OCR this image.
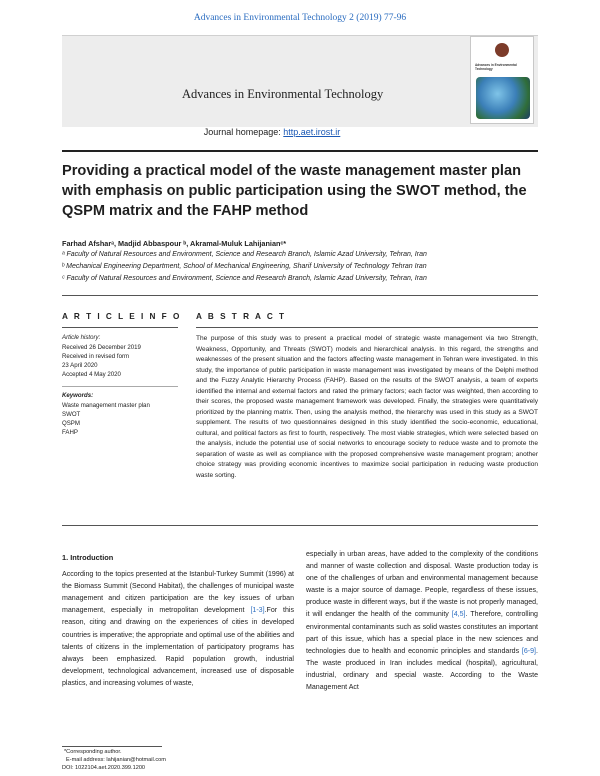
Advances in Environmental Technology 2 (2019) 77-96
Advances in Environmental Technology
Journal homepage: http.aet.irost.ir
Advances in Environmental Technology
Providing a practical model of the waste management master plan with emphasis on public participation using the SWOT method, the QSPM matrix and the FAHP method
Farhad Afsharᵃ, Madjid Abbaspour ᵇ, Akramal-Muluk Lahijanianᶜ*
ᵃ Faculty of Natural Resources and Environment, Science and Research Branch, Islamic Azad University, Tehran, Iran
ᵇ Mechanical Engineering Department, School of Mechanical Engineering, Sharif University of Technology Tehran Iran
ᶜ Faculty of Natural Resources and Environment, Science and Research Branch, Islamic Azad University, Tehran, Iran
A R T I C L E I N F O A B S T R A C T
Article history:
Received 26 December 2019
Received in revised form
23 April 2020
Accepted 4 May 2020
Keywords:
Waste management master plan
SWOT
QSPM
FAHP
The purpose of this study was to present a practical model of strategic waste management via two Strength, Weakness, Opportunity, and Threats (SWOT) models and hierarchical analysis. In this regard, the strengths and weaknesses of the present situation and the factors affecting waste management in Tehran were investigated. In this study, the importance of public participation in waste management was investigated by means of the Delphi method and the Fuzzy Analytic Hierarchy Process (FAHP). Based on the results of the SWOT analysis, a team of experts identified the internal and external factors and rated the primary factors; each factor was weighted, then according to their scores, the proposed waste management framework was developed. Finally, the strategies were quantitatively prioritized by the planning matrix. Then, using the analysis method, the hierarchy was used in this study as a SWOT supplement. The results of two questionnaires designed in this study identified the socio-economic, educational, cultural, and political factors as first to fourth, respectively. The most viable strategies, which were selected based on the analysis, include the potential use of social networks to encourage society to reduce waste and to promote the separation of waste as well as compliance with the proposed comprehensive waste management program; another choice strategy was providing economic incentives to maximize social participation in reducing waste production waste sorting.
1. Introduction
According to the topics presented at the Istanbul-Turkey Summit (1996) at the Biomass Summit (Second Habitat), the challenges of municipal waste management and citizen participation are the key issues of urban management, especially in metropolitan development [1-3].For this reason, citing and drawing on the experiences of cities in developed countries is imperative; the appropriate and optimal use of the abilities and talents of citizens in the implementation of participatory programs has always been emphasized. Rapid population growth, industrial development, technological advancement, increased use of disposable plastics, and increasing volumes of waste,
especially in urban areas, have added to the complexity of the conditions and manner of waste collection and disposal. Waste production today is one of the challenges of urban and environmental management because waste is a major source of damage. People, regardless of these issues, produce waste in different ways, but if the waste is not properly managed, it will endanger the health of the community [4,5]. Therefore, controlling environmental contaminants such as solid wastes constitutes an important part of this issue, which has a special place in the new sciences and technologies due to health and economic principles and standards [6-9]. The waste produced in Iran includes medical (hospital), agricultural, industrial, ordinary and special waste. According to the Waste Management Act
*Corresponding author.
E-mail address: lahijanian@hotmail.com
DOI: 1022104.aet.2020.399.1200
